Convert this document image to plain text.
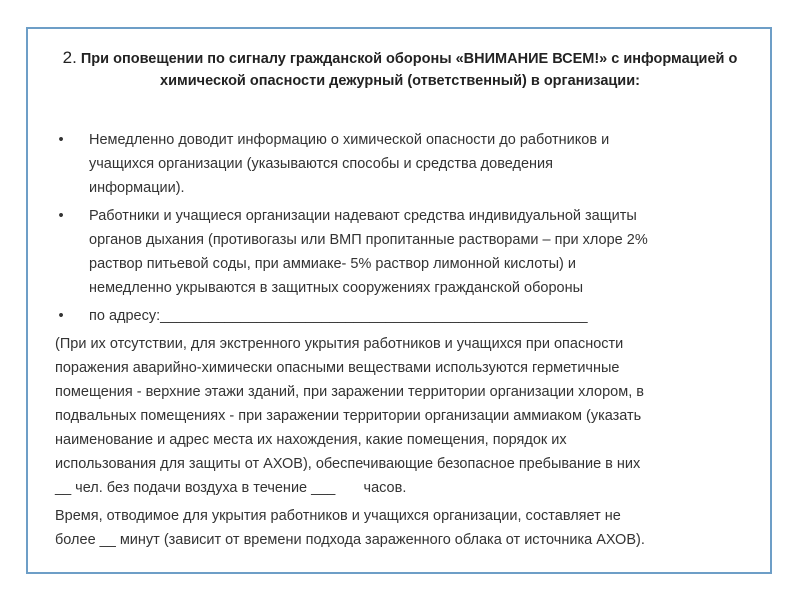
2. При оповещении по сигналу гражданской обороны «ВНИМАНИЕ ВСЕМ!» с информацией о химической опасности дежурный (ответственный) в организации:
• Немедленно доводит информацию о химической опасности до работников и
учащихся организации (указываются способы и средства доведения
информации).
• Работники и учащиеся организации надевают средства индивидуальной защиты
органов дыхания (противогазы или ВМП пропитанные растворами – при хлоре 2%
раствор питьевой соды, при аммиаке- 5% раствор лимонной кислоты) и
немедленно укрываются в защитных сооружениях гражданской обороны
• по адресу:_____________________________________________________
(При их отсутствии, для экстренного укрытия работников и учащихся при опасности
поражения аварийно-химически опасными веществами используются герметичные
помещения - верхние этажи зданий, при заражении территории организации хлором, в
подвальных помещениях - при заражении территории организации аммиаком (указать
наименование и адрес места их нахождения, какие помещения, порядок их
использования для защиты от АХОВ), обеспечивающие безопасное пребывание в них
__ чел. без подачи воздуха в течение ___       часов.
Время, отводимое для укрытия работников и учащихся организации, составляет не
более __ минут (зависит от времени подхода зараженного облака от источника АХОВ).
